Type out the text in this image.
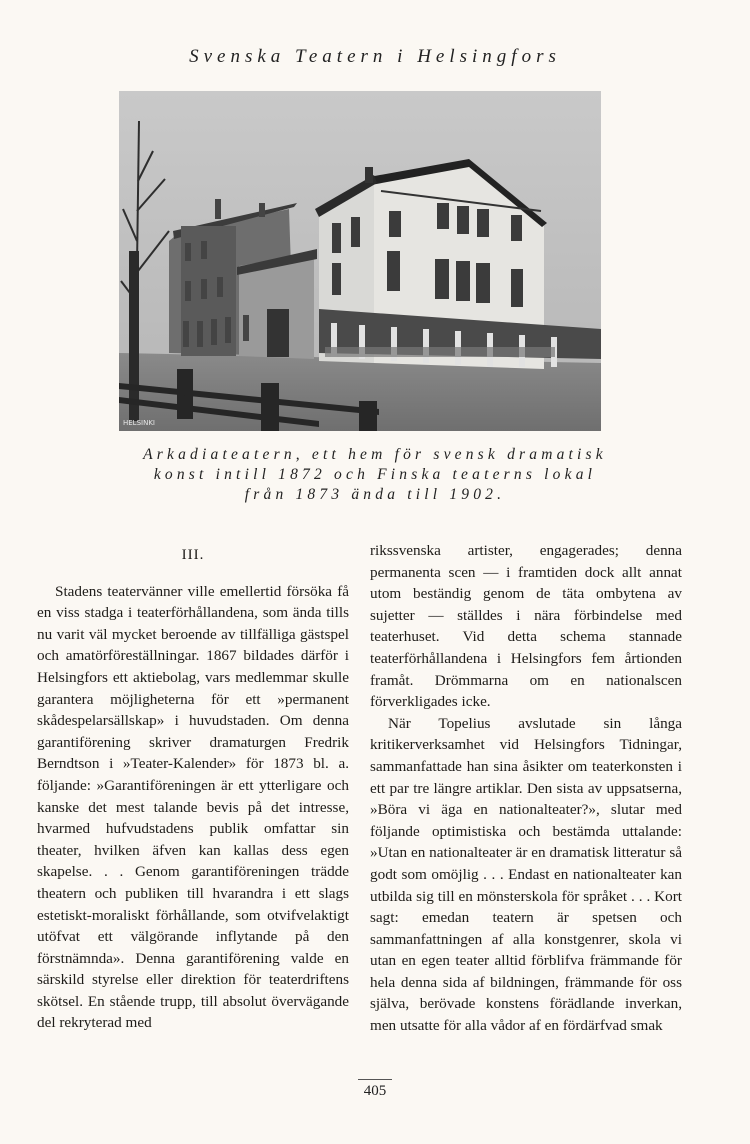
Svenska Teatern i Helsingfors
HELSINKI
Arkadiateatern, ett hem för svensk dramatisk
konst intill 1872 och Finska teaterns lokal
från 1873 ända till 1902.
III.

Stadens teatervänner ville emellertid försöka få en viss stadga i teaterförhållandena, som ända tills nu varit väl mycket beroende av tillfälliga gästspel och amatörföreställningar. 1867 bildades därför i Helsingfors ett aktiebolag, vars medlemmar skulle garantera möjligheterna för ett »permanent skådespelarsällskap» i huvudstaden. Om denna garantiförening skriver dramaturgen Fredrik Berndtson i »Teater-Kalender» för 1873 bl. a. följande: »Garantiföreningen är ett ytterligare och kanske det mest talande bevis på det intresse, hvarmed hufvudstadens publik omfattar sin theater, hvilken äfven kan kallas dess egen skapelse. . . Genom garantiföreningen trädde theatern och publiken till hvarandra i ett slags estetiskt-moraliskt förhållande, som otvifvelaktigt utöfvat ett välgörande inflytande på den förstnämnda». Denna garantiförening valde en särskild styrelse eller direktion för teaterdriftens skötsel. En stående trupp, till absolut övervägande del rekryterad med

rikssvenska artister, engagerades; denna permanenta scen — i framtiden dock allt annat utom beständig genom de täta ombytena av sujetter — ställdes i nära förbindelse med teaterhuset. Vid detta schema stannade teaterförhållandena i Helsingfors fem årtionden framåt. Drömmarna om en nationalscen förverkligades icke.

När Topelius avslutade sin långa kritikerverksamhet vid Helsingfors Tidningar, sammanfattade han sina åsikter om teaterkonsten i ett par tre längre artiklar. Den sista av uppsatserna, »Böra vi äga en nationalteater?», slutar med följande optimistiska och bestämda uttalande: »Utan en nationalteater är en dramatisk litteratur så godt som omöjlig . . . Endast en nationalteater kan utbilda sig till en mönsterskola för språket . . . Kort sagt: emedan teatern är spetsen och sammanfattningen af alla konstgenrer, skola vi utan en egen teater alltid förblifva främmande för hela denna sida af bildningen, främmande för oss själva, berövade konstens förädlande inverkan, men utsatte för alla vådor af en fördärfvad smak

405
